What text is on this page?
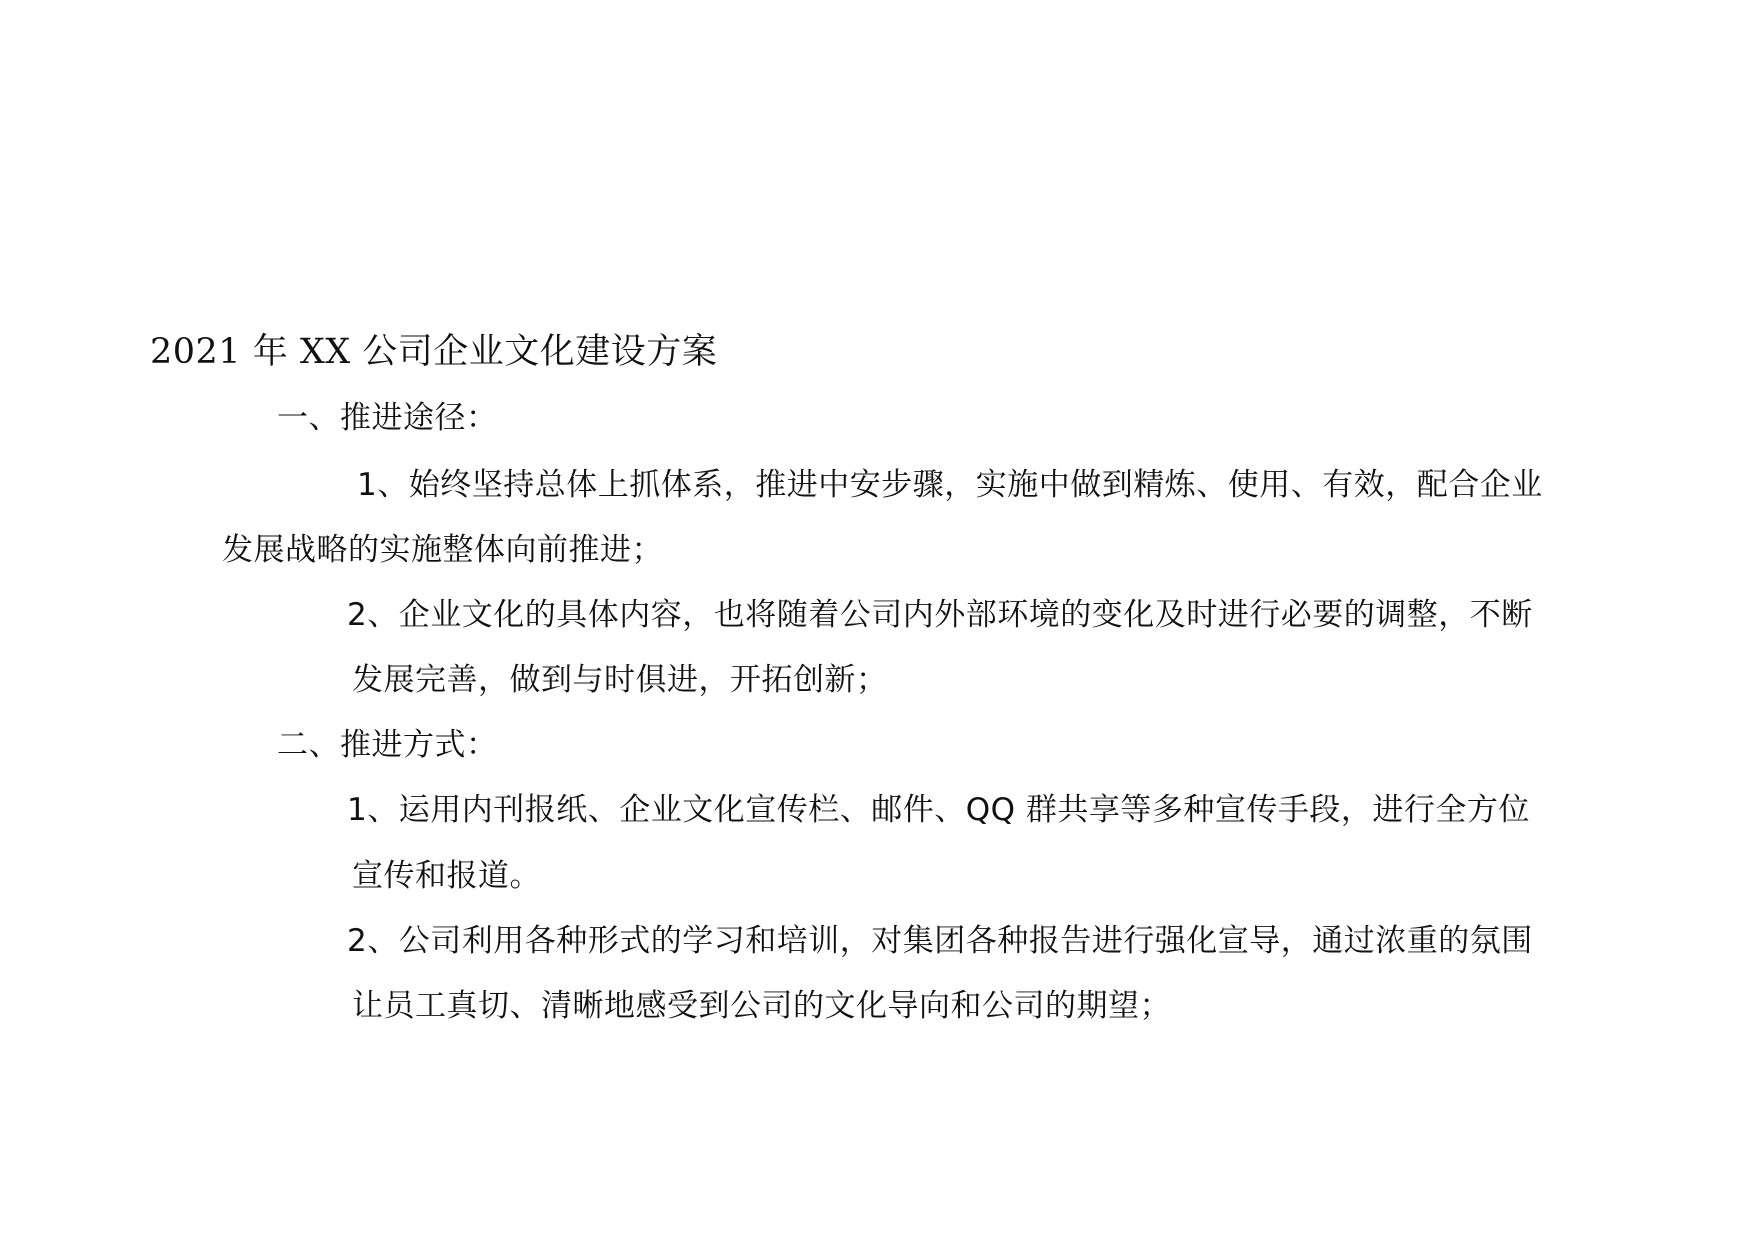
2021 年 XX 公司企业文化建设方案
一、推进途径：
1、始终坚持总体上抓体系，推进中安步骤，实施中做到精炼、使用、有效，配合企业
发展战略的实施整体向前推进；
2、企业文化的具体内容，也将随着公司内外部环境的变化及时进行必要的调整，不断
发展完善，做到与时俱进，开拓创新；
二、推进方式：
1、运用内刊报纸、企业文化宣传栏、邮件、QQ 群共享等多种宣传手段，进行全方位
宣传和报道。
2、公司利用各种形式的学习和培训，对集团各种报告进行强化宣导，通过浓重的氛围
让员工真切、清晰地感受到公司的文化导向和公司的期望；
